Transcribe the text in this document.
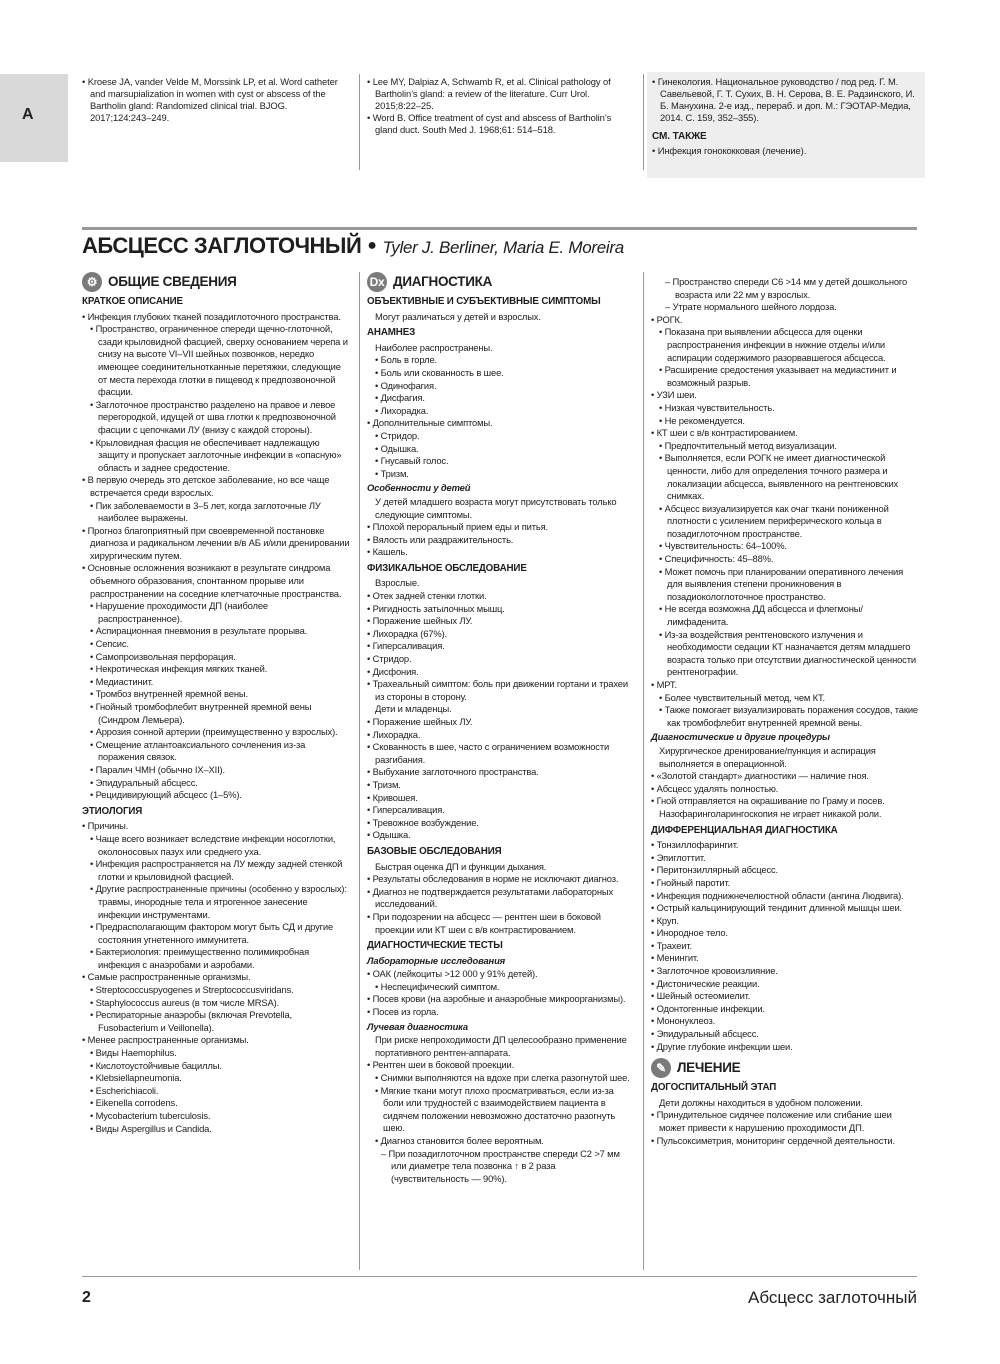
А

• Kroese JA, vander Velde M, Morssink LP, et al. Word catheter and marsupialization in women with cyst or abscess of the Bartholin gland: Randomized clinical trial. BJOG. 2017;124:243–249.

• Lee MY, Dalpiaz A, Schwamb R, et al. Clinical pathology of Bartholin’s gland: a review of the literature. Curr Urol. 2015;8:22–25.

• Word B. Office treatment of cyst and abscess of Bartholin’s gland duct. South Med J. 1968;61: 514–518.

• Гинекология. Национальное руководство / под ред. Г. М. Савельевой, Г. Т. Сухих, В. Н. Серова, В. Е. Радзинского, И. Б. Манухина. 2-е изд., перераб. и доп. М.: ГЭОТАР-Медиа, 2014. С. 159, 352–355).

СМ. ТАКЖЕ

• Инфекция гонококковая (лечение).

АБСЦЕСС ЗАГЛОТОЧНЫЙ ● Tyler J. Berliner, Maria E. Moreira

⚙ ОБЩИЕ СВЕДЕНИЯ

КРАТКОЕ ОПИСАНИЕ

• Инфекция глубоких тканей позадиглоточного пространства.

• Пространство, ограниченное спереди щечно-глоточной, сзади крыловидной фасцией, сверху основанием черепа и снизу на высоте VI–VII шейных позвонков, нередко имеющее соединительнотканные перетяжки, следующие от места перехода глотки в пищевод к предпозвоночной фасции.

• Заглоточное пространство разделено на правое и левое перегородкой, идущей от шва глотки к предпозвоночной фасции с цепочками ЛУ (внизу с каждой стороны).

• Крыловидная фасция не обеспечивает надлежащую защиту и пропускает заглоточные инфекции в «опасную» область и заднее средостение.

• В первую очередь это детское заболевание, но все чаще встречается среди взрослых.

• Пик заболеваемости в 3–5 лет, когда заглоточные ЛУ наиболее выражены.

• Прогноз благоприятный при своевременной постановке диагноза и радикальном лечении в/в АБ и/или дренировании хирургическим путем.

• Основные осложнения возникают в результате синдрома объемного образования, спонтанном прорыве или распространении на соседние клетчаточные пространства.

• Нарушение проходимости ДП (наиболее распространенное).

• Аспирационная пневмония в результате прорыва.

• Сепсис.

• Самопроизвольная перфорация.

• Некротическая инфекция мягких тканей.

• Медиастинит.

• Тромбоз внутренней яремной вены.

• Гнойный тромбофлебит внутренней яремной вены (Синдром Лемьера).

• Аррозия сонной артерии (преимущественно у взрослых).

• Смещение атлантоаксиального сочленения из-за поражения связок.

• Паралич ЧМН (обычно IX–XII).

• Эпидуральный абсцесс.

• Рецидивирующий абсцесс (1–5%).

ЭТИОЛОГИЯ

• Причины.

• Чаще всего возникает вследствие инфекции носоглотки, околоносовых пазух или среднего уха.

• Инфекция распространяется на ЛУ между задней стенкой глотки и крыловидной фасцией.

• Другие распространенные причины (особенно у взрослых): травмы, инородные тела и ятрогенное занесение инфекции инструментами.

• Предрасполагающим фактором могут быть СД и другие состояния угнетенного иммунитета.

• Бактериология: преимущественно полимикробная инфекция с анаэробами и аэробами.

• Самые распространенные организмы.

• Streptococcuspyogenes и Streptococcusviridans.

• Staphylococcus aureus (в том числе MRSA).

• Респираторные анаэробы (включая Prevotella, Fusobacterium и Veillonella).

• Менее распространенные организмы.

• Виды Haemophilus.

• Кислотоустойчивые бациллы.

• Klebsiellapneumonia.

• Escherichiacoli.

• Eikenella corrodens.

• Mycobacterium tuberculosis.

• Виды Aspergillus и Candida.

Dx ДИАГНОСТИКА

ОБЪЕКТИВНЫЕ И СУБЪЕКТИВНЫЕ СИМПТОМЫ

Могут различаться у детей и взрослых.

АНАМНЕЗ

Наиболее распространены.

• Боль в горле.

• Боль или скованность в шее.

• Одинофагия.

• Дисфагия.

• Лихорадка.

• Дополнительные симптомы.

• Стридор.

• Одышка.

• Гнусавый голос.

• Тризм.

Особенности у детей

У детей младшего возраста могут присутствовать только следующие симптомы.

• Плохой пероральный прием еды и питья.

• Вялость или раздражительность.

• Кашель.

ФИЗИКАЛЬНОЕ ОБСЛЕДОВАНИЕ

Взрослые.

• Отек задней стенки глотки.

• Ригидность затылочных мышц.

• Поражение шейных ЛУ.

• Лихорадка (67%).

• Гиперсаливация.

• Стридор.

• Дисфония.

• Трахеальный симптом: боль при движении гортани и трахеи из стороны в сторону.

Дети и младенцы.

• Поражение шейных ЛУ.

• Лихорадка.

• Скованность в шее, часто с ограничением возможности разгибания.

• Выбухание заглоточного пространства.

• Тризм.

• Кривошея.

• Гиперсаливация.

• Тревожное возбуждение.

• Одышка.

БАЗОВЫЕ ОБСЛЕДОВАНИЯ

Быстрая оценка ДП и функции дыхания.

• Результаты обследования в норме не исключают диагноз.

• Диагноз не подтверждается результатами лабораторных исследований.

• При подозрении на абсцесс — рентген шеи в боковой проекции или КТ шеи с в/в контрастированием.

ДИАГНОСТИЧЕСКИЕ ТЕСТЫ

Лабораторные исследования

• ОАК (лейкоциты >12 000 у 91% детей).

• Неспецифический симптом.

• Посев крови (на аэробные и анаэробные микроорганизмы).

• Посев из горла.

Лучевая диагностика

При риске непроходимости ДП целесообразно применение портативного рентген-аппарата.

• Рентген шеи в боковой проекции.

• Снимки выполняются на вдохе при слегка разогнутой шее.

• Мягкие ткани могут плохо просматриваться, если из-за боли или трудностей с взаимодействием пациента в сидячем положении невозможно достаточно разогнуть шею.

• Диагноз становится более вероятным.

– При позадиглоточном пространстве спереди С2 >7 мм или диаметре тела позвонка ↑ в 2 раза (чувствительность — 90%).

– Пространство спереди С6 >14 мм у детей дошкольного возраста или 22 мм у взрослых.

– Утрате нормального шейного лордоза.

• РОГК.

• Показана при выявлении абсцесса для оценки распространения инфекции в нижние отделы и/или аспирации содержимого разорвавшегося абсцесса.

• Расширение средостения указывает на медиастинит и возможный разрыв.

• УЗИ шеи.

• Низкая чувствительность.

• Не рекомендуется.

• КТ шеи с в/в контрастированием.

• Предпочтительный метод визуализации.

• Выполняется, если РОГК не имеет диагностической ценности, либо для определения точного размера и локализации абсцесса, выявленного на рентгеновских снимках.

• Абсцесс визуализируется как очаг ткани пониженной плотности с усилением периферического кольца в позадиглоточном пространстве.

• Чувствительность: 64–100%.

• Специфичность: 45–88%.

• Может помочь при планировании оперативного лечения для выявления степени проникновения в позадиокологлоточное пространство.

• Не всегда возможна ДД абсцесса и флегмоны/лимфаденита.

• Из-за воздействия рентгеновского излучения и необходимости седации КТ назначается детям младшего возраста только при отсутствии диагностической ценности рентгенографии.

• МРТ.

• Более чувствительный метод, чем КТ.

• Также помогает визуализировать поражения сосудов, такие как тромбофлебит внутренней яремной вены.

Диагностические и другие процедуры

Хирургическое дренирование/пункция и аспирация выполняется в операционной.

• «Золотой стандарт» диагностики — наличие гноя.

• Абсцесс удалять полностью.

• Гной отправляется на окрашивание по Граму и посев.

Назофаринголарингоскопия не играет никакой роли.

ДИФФЕРЕНЦИАЛЬНАЯ ДИАГНОСТИКА

• Тонзиллофарингит.

• Эпиглоттит.

• Перитонзиллярный абсцесс.

• Гнойный паротит.

• Инфекция поднижнечелюстной области (ангина Людвига).

• Острый кальцинирующий тендинит длинной мышцы шеи.

• Круп.

• Инородное тело.

• Трахеит.

• Менингит.

• Заглоточное кровоизлияние.

• Дистонические реакции.

• Шейный остеомиелит.

• Одонтогенные инфекции.

• Мононуклеоз.

• Эпидуральный абсцесс.

• Другие глубокие инфекции шеи.

✎ ЛЕЧЕНИЕ

ДОГОСПИТАЛЬНЫЙ ЭТАП

Дети должны находиться в удобном положении.

• Принудительное сидячее положение или сгибание шеи может привести к нарушению проходимости ДП.

• Пульсоксиметрия, мониторинг сердечной деятельности.

2	Абсцесс заглоточный
